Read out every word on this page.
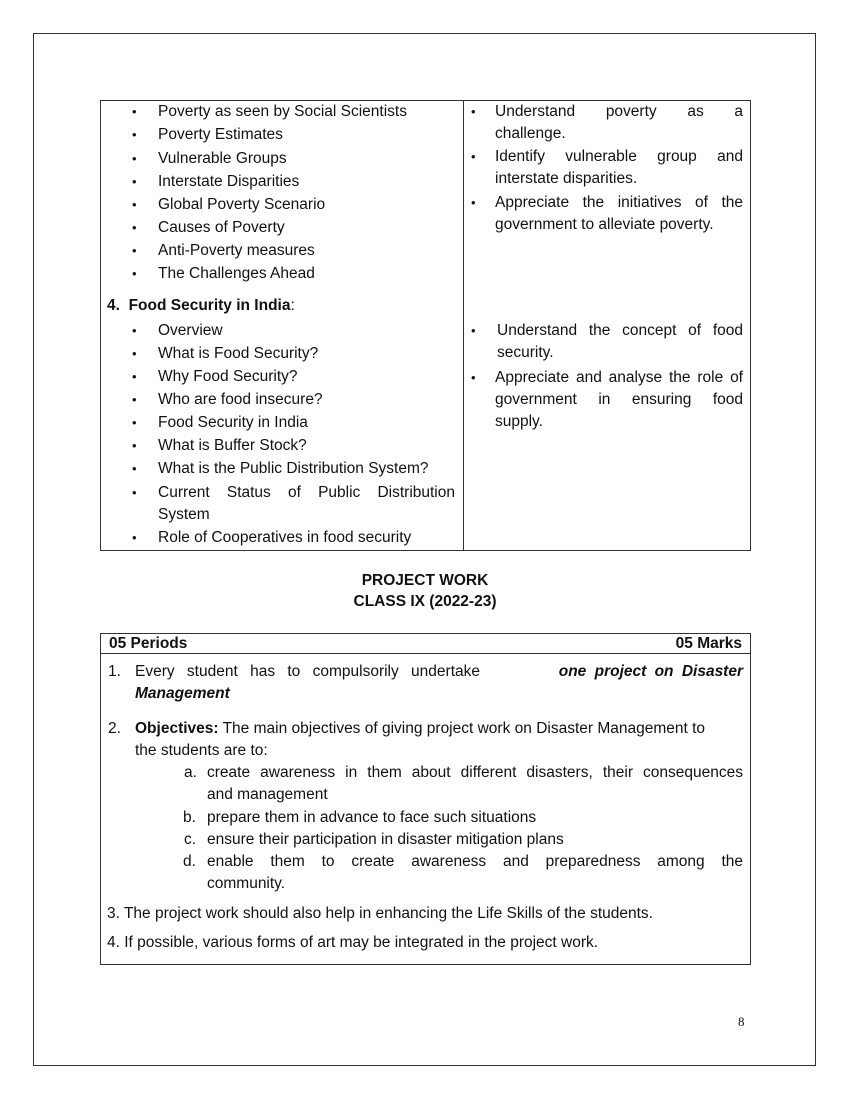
• Poverty as seen by Social Scientists
• Poverty Estimates
• Vulnerable Groups
• Interstate Disparities
• Global Poverty Scenario
• Causes of Poverty
• Anti-Poverty measures
• The Challenges Ahead
4. Food Security in India:
• Overview
• What is Food Security?
• Why Food Security?
• Who are food insecure?
• Food Security in India
• What is Buffer Stock?
• What is the Public Distribution System?
• Current Status of Public Distribution
System
• Role of Cooperatives in food security
• Understand poverty as a
challenge.
• Identify vulnerable group and
interstate disparities.
• Appreciate the initiatives of the
government to alleviate poverty.
• Understand the concept of food
security.
• Appreciate and analyse the role of
government in ensuring food
supply.
PROJECT WORK
CLASS IX (2022-23)
05 Periods	05 Marks
1. Every student has to compulsorily undertake	one project on Disaster
Management
2. Objectives: The main objectives of giving project work on Disaster Management to
the students are to:
a. create awareness in them about different disasters, their consequences
and management
b. prepare them in advance to face such situations
c. ensure their participation in disaster mitigation plans
d. enable them to create awareness and preparedness among the
community.
3. The project work should also help in enhancing the Life Skills of the students.
4. If possible, various forms of art may be integrated in the project work.
8
